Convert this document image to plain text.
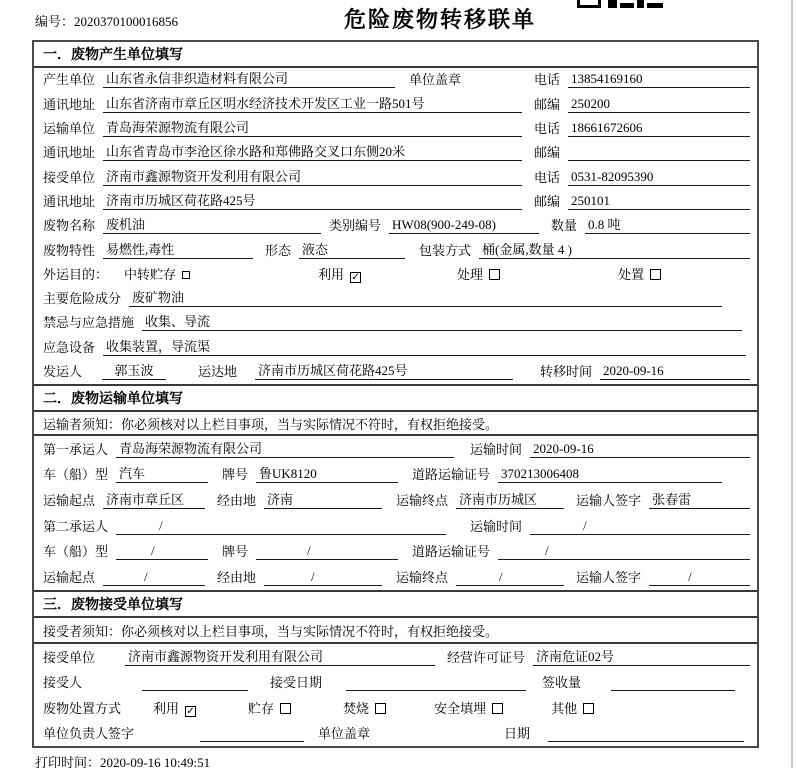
编号：2020370100016856	危险废物转移联单
一．废物产生单位填写
产生单位 山东省永信非织造材料有限公司	单位盖章	电话 13854169160
通讯地址 山东省济南市章丘区明水经济技术开发区工业一路501号	邮编 250200
运输单位 青岛海荣源物流有限公司	电话 18661672606
通讯地址 山东省青岛市李沧区徐水路和郑佛路交叉口东侧20米	邮编
接受单位 济南市鑫源物资开发利用有限公司	电话 0531-82095390
通讯地址 济南市历城区荷花路425号	邮编 250101
废物名称 废机油	类别编号 HW08(900-249-08)	数量 0.8 吨
废物特性 易燃性,毒性	形态 液态	包装方式 桶(金属,数量 4 )
外运目的： 中转贮存	利用 ✓	处理	处置
主要危险成分 废矿物油
禁忌与应急措施 收集、导流
应急设备 收集装置，导流渠
发运人	郭玉波	运达地 济南市历城区荷花路425号	转移时间 2020-09-16
二．废物运输单位填写
运输者须知：你必须核对以上栏目事项，当与实际情况不符时，有权拒绝接受。
第一承运人 青岛海荣源物流有限公司	运输时间 2020-09-16
车（船）型 汽车	牌号 鲁UK8120	道路运输证号 370213006408
运输起点 济南市章丘区	经由地 济南	运输终点 济南市历城区	运输人签字 张春雷
第二承运人	/	运输时间	/
车（船）型	/	牌号	/	道路运输证号	/
运输起点	/	经由地	/	运输终点	/	运输人签字	/
三．废物接受单位填写
接受者须知：你必须核对以上栏目事项，当与实际情况不符时，有权拒绝接受。
接受单位	济南市鑫源物资开发利用有限公司	经营许可证号 济南危证02号
接受人	接受日期	签收量
废物处置方式 利用 ✓	贮存	焚烧	安全填埋	其他
单位负责人签字	单位盖章	日期
打印时间：2020-09-16 10:49:51
